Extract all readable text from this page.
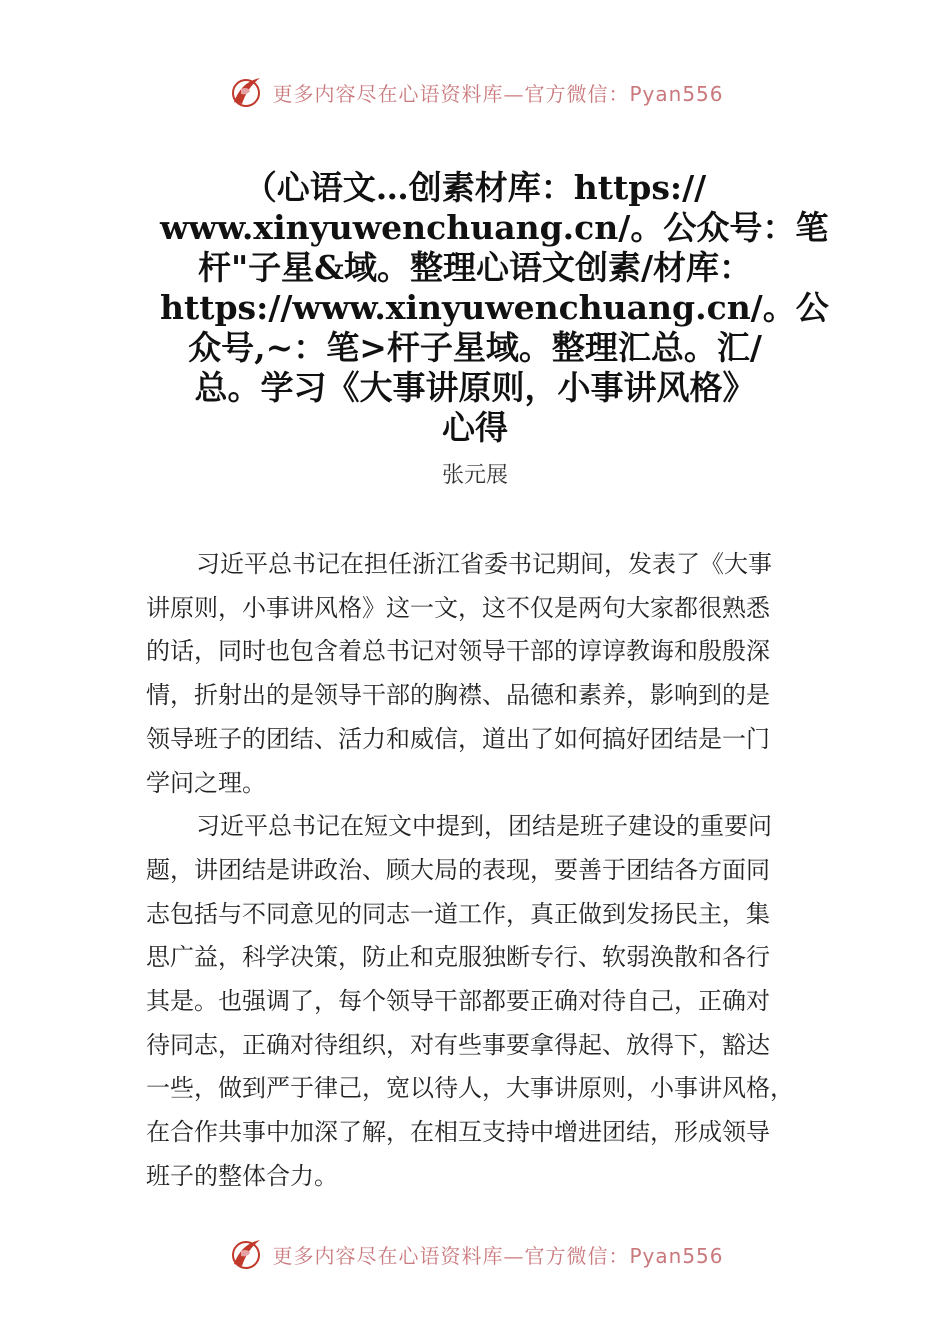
更多内容尽在心语资料库—官方微信：Pyan556
（心语文…创素材库：https://
www.xinyuwenchuang.cn/。公众号：笔
杆"子星&域。整理心语文创素/材库：
https://www.xinyuwenchuang.cn/。公
众号,~：笔>杆子星域。整理汇总。汇/
总。学习《大事讲原则，小事讲风格》
心得
张元展

习近平总书记在担任浙江省委书记期间，发表了《大事
讲原则，小事讲风格》这一文，这不仅是两句大家都很熟悉
的话，同时也包含着总书记对领导干部的谆谆教诲和殷殷深
情，折射出的是领导干部的胸襟、品德和素养，影响到的是
领导班子的团结、活力和威信，道出了如何搞好团结是一门
学问之理。

习近平总书记在短文中提到，团结是班子建设的重要问
题，讲团结是讲政治、顾大局的表现，要善于团结各方面同
志包括与不同意见的同志一道工作，真正做到发扬民主，集
思广益，科学决策，防止和克服独断专行、软弱涣散和各行
其是。也强调了，每个领导干部都要正确对待自己，正确对
待同志，正确对待组织，对有些事要拿得起、放得下，豁达
一些，做到严于律己，宽以待人，大事讲原则，小事讲风格，
在合作共事中加深了解，在相互支持中增进团结，形成领导
班子的整体合力。

更多内容尽在心语资料库—官方微信：Pyan556
